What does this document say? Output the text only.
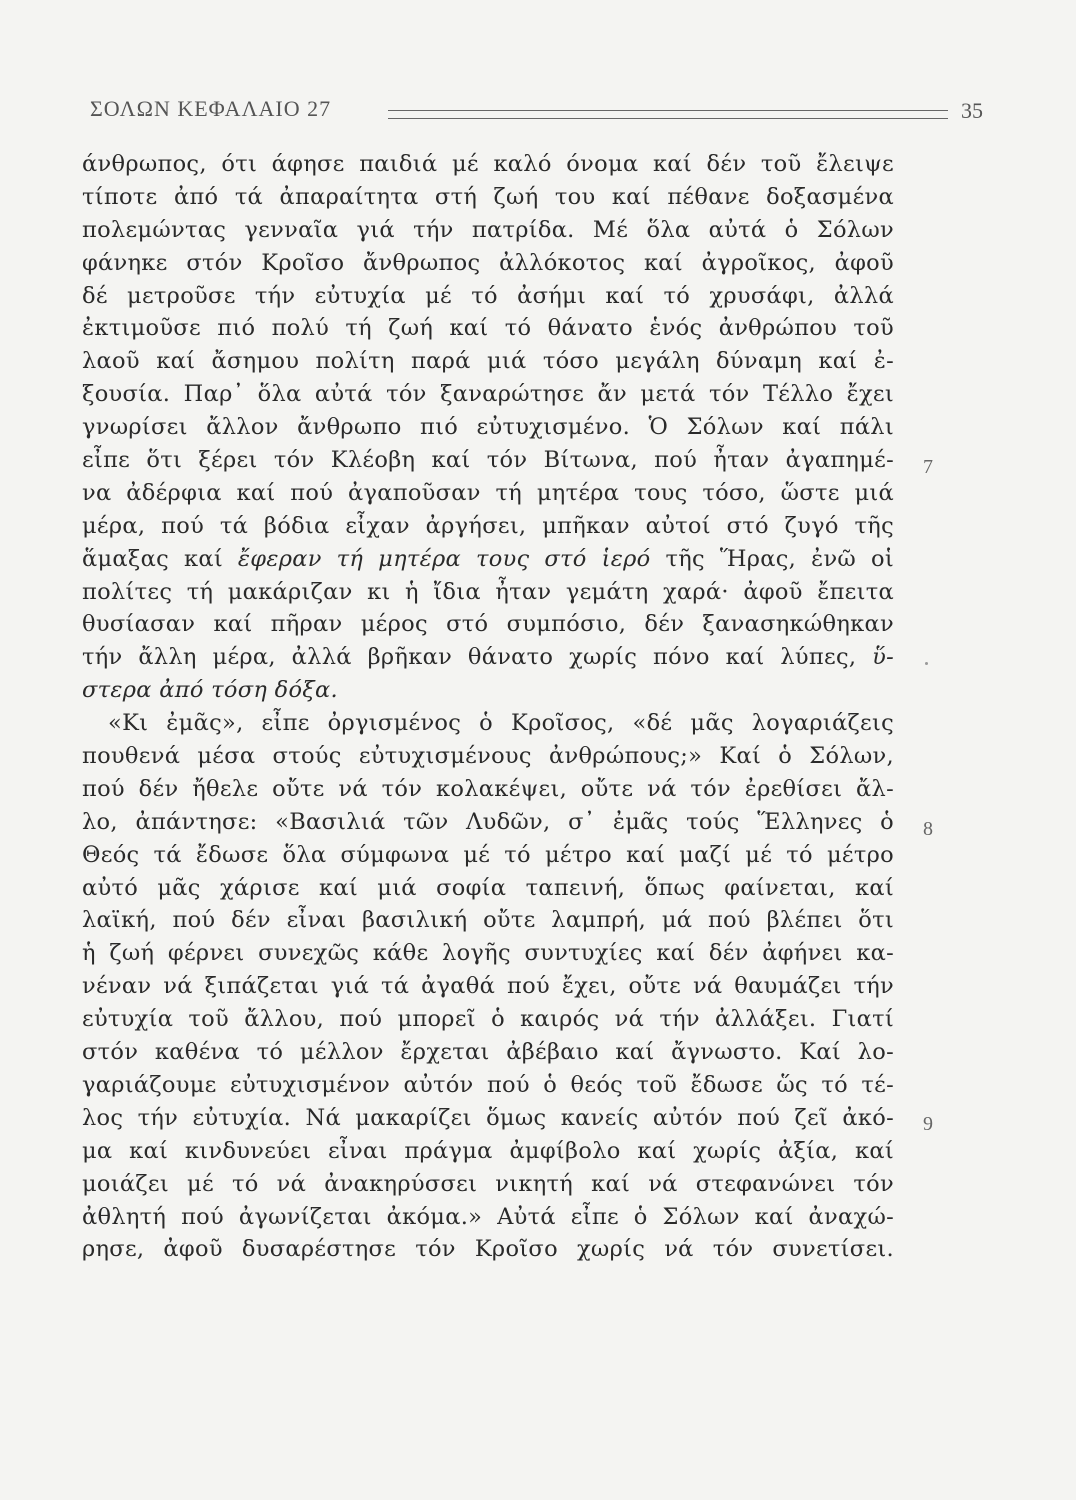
ΣΟΛΩΝ ΚΕΦΑΛΑΙΟ 27	35
άνθρωπος, ότι άφησε παιδιά μέ καλό όνομα καί δέν τοῦ ἔλειψε
τίποτε ἀπό τά ἀπαραίτητα στή ζωή του καί πέθανε δοξασμένα
πολεμώντας γενναῖα γιά τήν πατρίδα. Μέ ὅλα αὐτά ὁ Σόλων
φάνηκε στόν Κροῖσο ἄνθρωπος ἀλλόκοτος καί ἀγροῖκος, ἀφοῦ
δέ μετροῦσε τήν εὐτυχία μέ τό ἀσήμι καί τό χρυσάφι, ἀλλά
ἐκτιμοῦσε πιό πολύ τή ζωή καί τό θάνατο ἑνός ἀνθρώπου τοῦ
λαοῦ καί ἄσημου πολίτη παρά μιά τόσο μεγάλη δύναμη καί ἐ-
ξουσία. Παρ᾽ ὅλα αὐτά τόν ξαναρώτησε ἄν μετά τόν Τέλλο ἔχει
γνωρίσει ἄλλον ἄνθρωπο πιό εὐτυχισμένο. Ὁ Σόλων καί πάλι
εἶπε ὅτι ξέρει τόν Κλέοβη καί τόν Βίτωνα, πού ἦταν ἀγαπημέ-
να ἀδέρφια καί πού ἀγαποῦσαν τή μητέρα τους τόσο, ὥστε μιά
μέρα, πού τά βόδια εἶχαν ἀργήσει, μπῆκαν αὐτοί στό ζυγό τῆς
ἅμαξας καί ἔφεραν τή μητέρα τους στό ἱερό τῆς Ἥρας, ἐνῶ οἱ
πολίτες τή μακάριζαν κι ἡ ἴδια ἦταν γεμάτη χαρά· ἀφοῦ ἔπειτα
θυσίασαν καί πῆραν μέρος στό συμπόσιο, δέν ξανασηκώθηκαν
τήν ἄλλη μέρα, ἀλλά βρῆκαν θάνατο χωρίς πόνο καί λύπες, ὕ-
στερα ἀπό τόση δόξα.
«Κι ἐμᾶς», εἶπε ὀργισμένος ὁ Κροῖσος, «δέ μᾶς λογαριάζεις
πουθενά μέσα στούς εὐτυχισμένους ἀνθρώπους;» Καί ὁ Σόλων,
πού δέν ἤθελε οὔτε νά τόν κολακέψει, οὔτε νά τόν ἐρεθίσει ἄλ-
λο, ἀπάντησε: «Βασιλιά τῶν Λυδῶν, σ᾽ ἐμᾶς τούς Ἕλληνες ὁ
Θεός τά ἔδωσε ὅλα σύμφωνα μέ τό μέτρο καί μαζί μέ τό μέτρο
αὐτό μᾶς χάρισε καί μιά σοφία ταπεινή, ὅπως φαίνεται, καί
λαϊκή, πού δέν εἶναι βασιλική οὔτε λαμπρή, μά πού βλέπει ὅτι
ἡ ζωή φέρνει συνεχῶς κάθε λογῆς συντυχίες καί δέν ἀφήνει κα-
νέναν νά ξιπάζεται γιά τά ἀγαθά πού ἔχει, οὔτε νά θαυμάζει τήν
εὐτυχία τοῦ ἄλλου, πού μπορεῖ ὁ καιρός νά τήν ἀλλάξει. Γιατί
στόν καθένα τό μέλλον ἔρχεται ἀβέβαιο καί ἄγνωστο. Καί λο-
γαριάζουμε εὐτυχισμένον αὐτόν πού ὁ θεός τοῦ ἔδωσε ὥς τό τέ-
λος τήν εὐτυχία. Νά μακαρίζει ὅμως κανείς αὐτόν πού ζεῖ ἀκό-
μα καί κινδυνεύει εἶναι πράγμα ἀμφίβολο καί χωρίς ἀξία, καί
μοιάζει μέ τό νά ἀνακηρύσσει νικητή καί νά στεφανώνει τόν
ἀθλητή πού ἀγωνίζεται ἀκόμα.» Αὐτά εἶπε ὁ Σόλων καί ἀναχώ-
ρησε, ἀφοῦ δυσαρέστησε τόν Κροῖσο χωρίς νά τόν συνετίσει.
7
8
9
